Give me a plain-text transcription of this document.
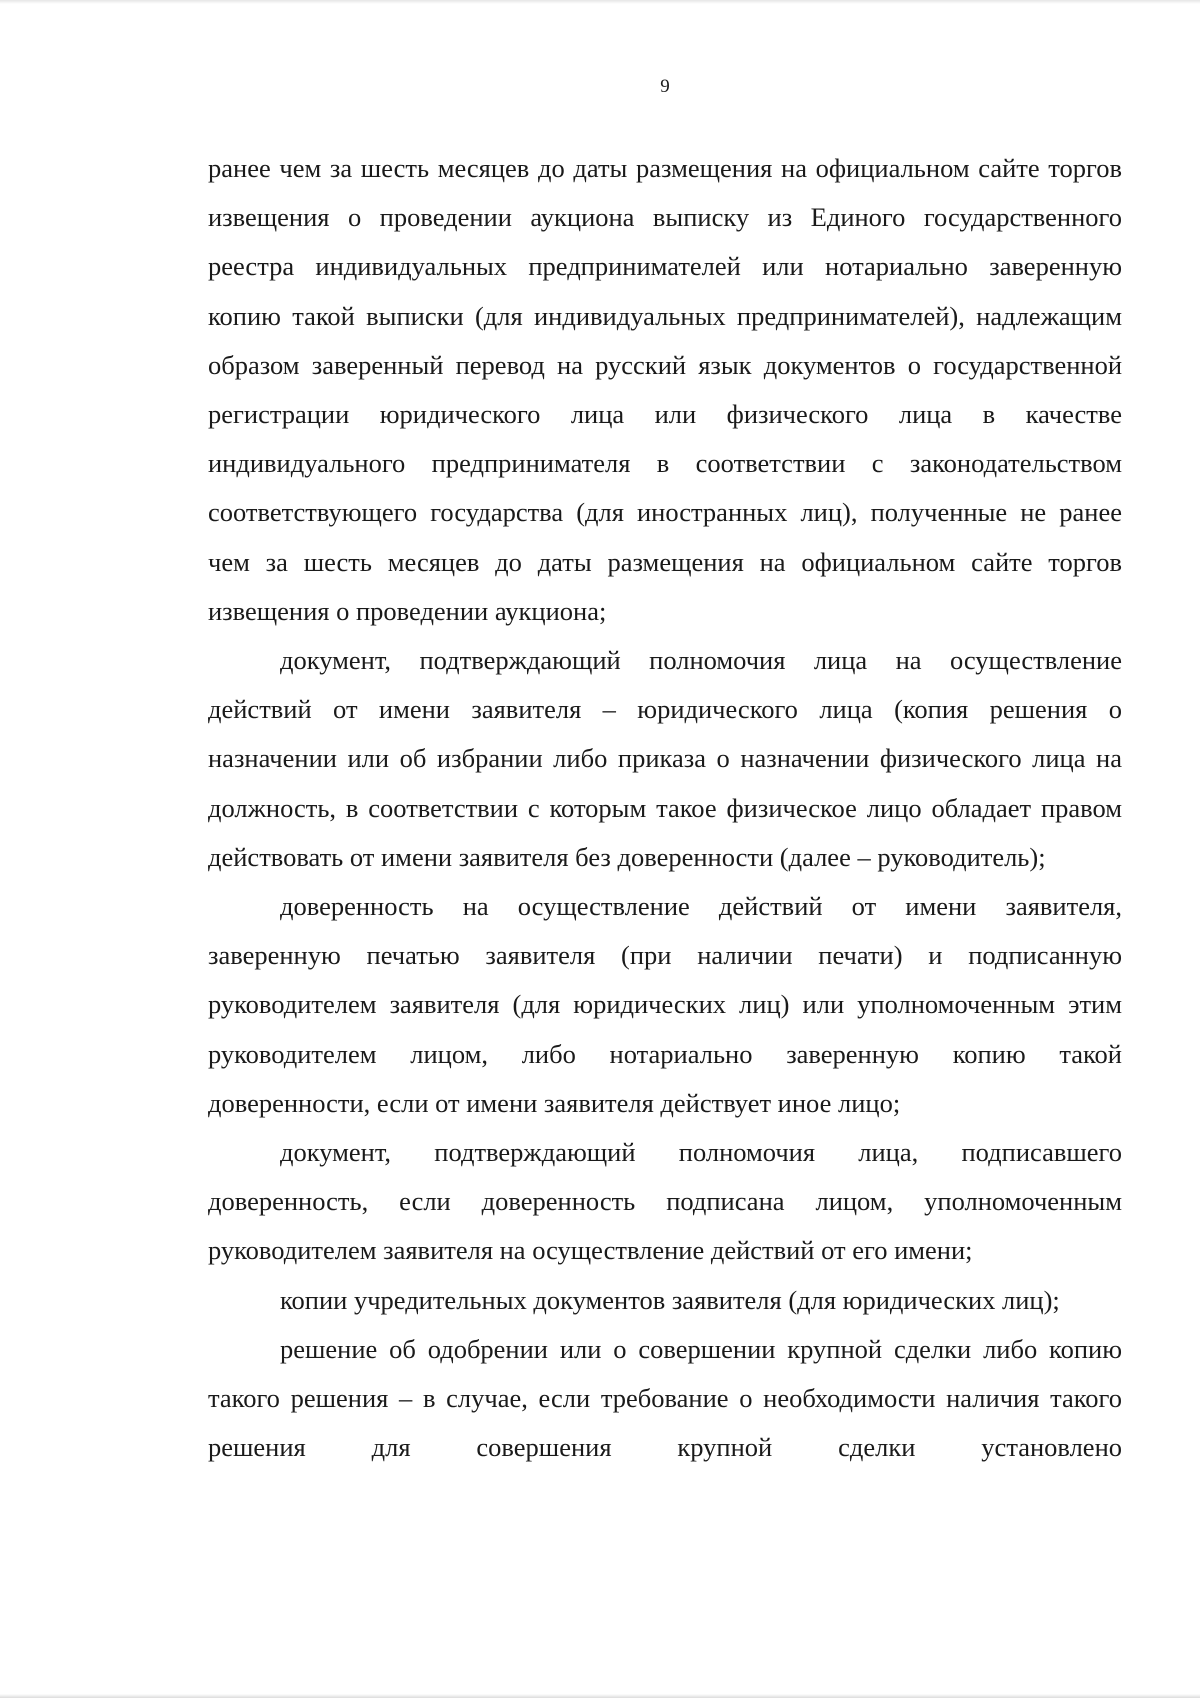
9

ранее чем за шесть месяцев до даты размещения на официальном сайте торгов извещения о проведении аукциона выписку из Единого государственного реестра индивидуальных предпринимателей или нотариально заверенную копию такой выписки (для индивидуальных предпринимателей), надлежащим образом заверенный перевод на русский язык документов о государственной регистрации юридического лица или физического лица в качестве индивидуального предпринимателя в соответствии с законодательством соответствующего государства (для иностранных лиц), полученные не ранее чем за шесть месяцев до даты размещения на официальном сайте торгов извещения о проведении аукциона;

документ, подтверждающий полномочия лица на осуществление действий от имени заявителя – юридического лица (копия решения о назначении или об избрании либо приказа о назначении физического лица на должность, в соответствии с которым такое физическое лицо обладает правом действовать от имени заявителя без доверенности (далее – руководитель);

доверенность на осуществление действий от имени заявителя, заверенную печатью заявителя (при наличии печати) и подписанную руководителем заявителя (для юридических лиц) или уполномоченным этим руководителем лицом, либо нотариально заверенную копию такой доверенности, если от имени заявителя действует иное лицо;

документ, подтверждающий полномочия лица, подписавшего доверенность, если доверенность подписана лицом, уполномоченным руководителем заявителя на осуществление действий от его имени;

копии учредительных документов заявителя (для юридических лиц);

решение об одобрении или о совершении крупной сделки либо копию такого решения – в случае, если требование о необходимости наличия такого решения для совершения крупной сделки установлено
